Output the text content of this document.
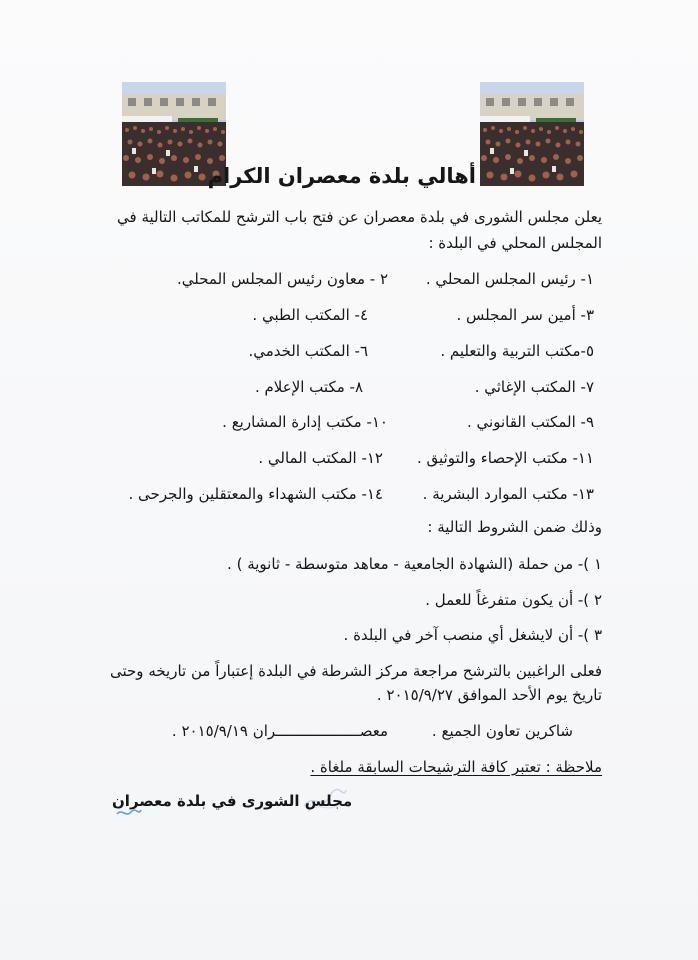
أهالي بلدة معصران الكرام
يعلن مجلس الشورى في بلدة معصران عن فتح باب الترشح للمكاتب التالية في
المجلس المحلي في البلدة :
١- رئيس المجلس المحلي .
٢ - معاون رئيس المجلس المحلي.
٣- أمين سر المجلس .
٤- المكتب الطبي .
٥-مكتب التربية والتعليم .
٦- المكتب الخدمي.
٧- المكتب الإغاثي .
٨- مكتب الإعلام .
٩- المكتب القانوني .
١٠- مكتب إدارة المشاريع .
١١- مكتب الإحصاء والتوثيق .
١٢- المكتب المالي .
١٣- مكتب الموارد البشرية .
١٤- مكتب الشهداء والمعتقلين والجرحى .
وذلك ضمن الشروط التالية :
١ )- من حملة (الشهادة الجامعية - معاهد متوسطة - ثانوية ) .
٢ )- أن يكون متفرغاً للعمل .
٣ )- أن لايشغل أي منصب آخر في البلدة .
فعلى الراغبين بالترشح مراجعة مركز الشرطة في البلدة إعتباراً من تاريخه وحتى
تاريخ يوم الأحد الموافق ٢٠١٥/٩/٢٧ .
شاكرين تعاون الجميع .
معصـــــــــــــــــــران ٢٠١٥/٩/١٩ .
ملاحظة : تعتبر كافة الترشيحات السابقة ملغاة .
مجلس الشورى في بلدة معصران
